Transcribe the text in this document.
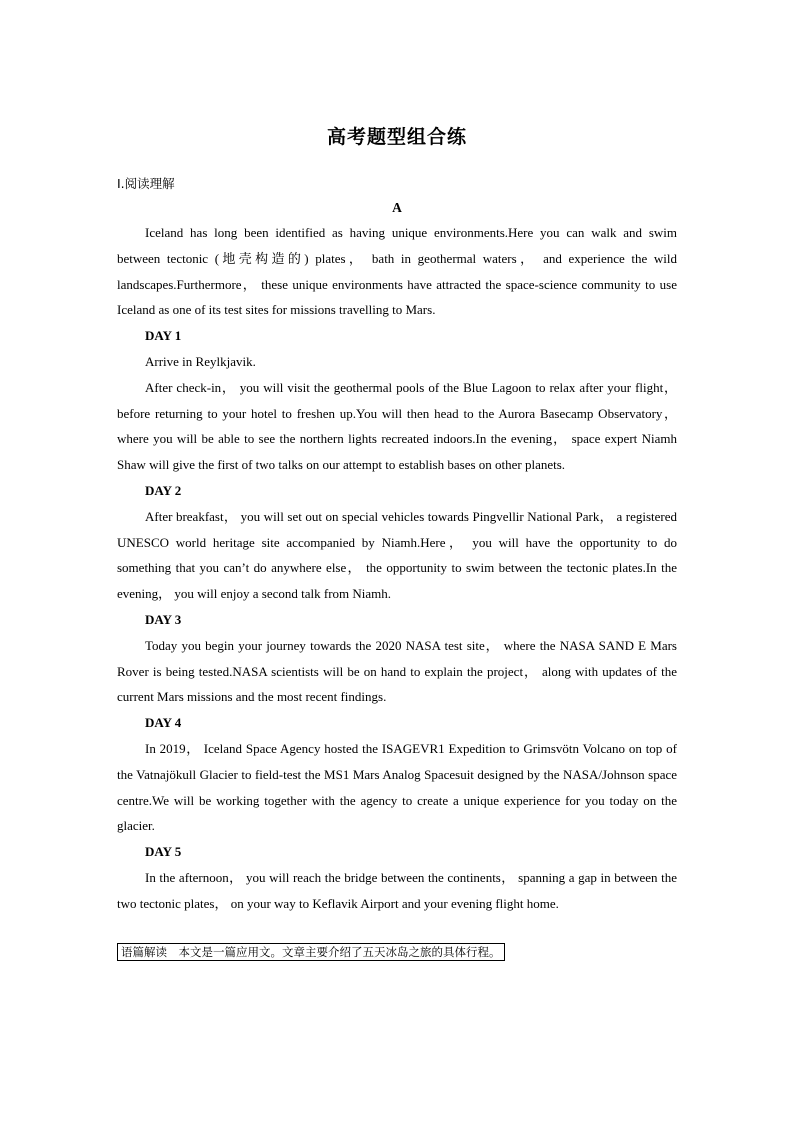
高考题型组合练
Ⅰ.阅读理解
A

Iceland has long been identified as having unique environments.Here you can walk and swim between tectonic (地壳构造的) plates， bath in geothermal waters， and experience the wild landscapes.Furthermore， these unique environments have attracted the space-science community to use Iceland as one of its test sites for missions travelling to Mars.

DAY 1

Arrive in Reylkjavik.

After check-in， you will visit the geothermal pools of the Blue Lagoon to relax after your flight， before returning to your hotel to freshen up.You will then head to the Aurora Basecamp Observatory， where you will be able to see the northern lights recreated indoors.In the evening， space expert Niamh Shaw will give the first of two talks on our attempt to establish bases on other planets.

DAY 2

After breakfast， you will set out on special vehicles towards Pingvellir National Park， a registered UNESCO world heritage site accompanied by Niamh.Here， you will have the opportunity to do something that you can’t do anywhere else， the opportunity to swim between the tectonic plates.In the evening， you will enjoy a second talk from Niamh.

DAY 3

Today you begin your journey towards the 2020 NASA test site， where the NASA SAND E Mars Rover is being tested.NASA scientists will be on hand to explain the project， along with updates of the current Mars missions and the most recent findings.

DAY 4

In 2019， Iceland Space Agency hosted the ISAGEVR1 Expedition to Grimsvötn Volcano on top of the Vatnajökull Glacier to field-test the MS1 Mars Analog Spacesuit designed by the NASA/Johnson space centre.We will be working together with the agency to create a unique experience for you today on the glacier.

DAY 5

In the afternoon， you will reach the bridge between the continents， spanning a gap in between the two tectonic plates， on your way to Keflavik Airport and your evening flight home.

语篇解读　本文是一篇应用文。文章主要介绍了五天冰岛之旅的具体行程。
